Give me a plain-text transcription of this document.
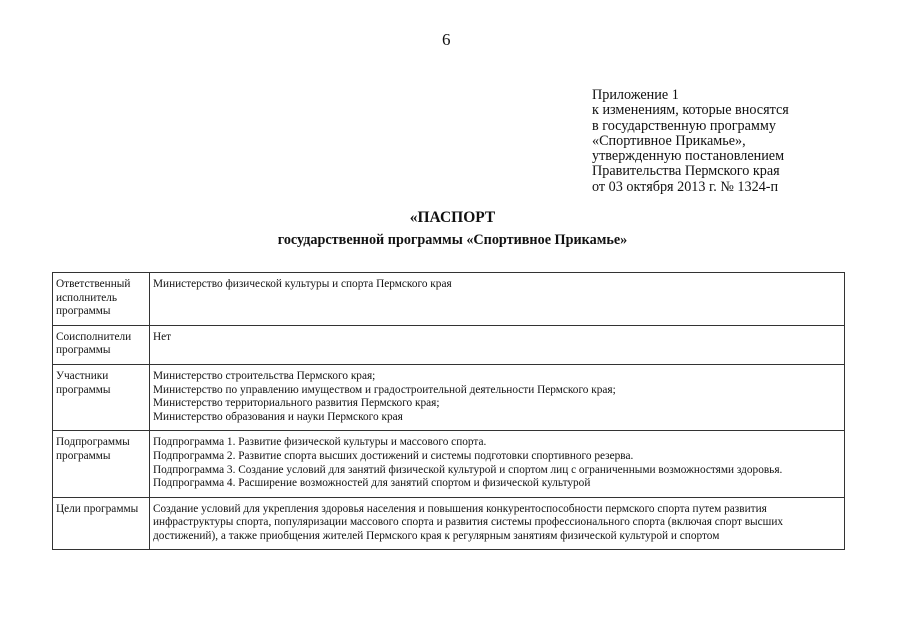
6
Приложение 1
к изменениям, которые вносятся
в государственную программу
«Спортивное Прикамье»,
утвержденную постановлением
Правительства Пермского края
от 03 октября 2013 г. № 1324-п
«ПАСПОРТ
государственной программы «Спортивное Прикамье»
Ответственный исполнитель программы	Министерство физической культуры и спорта Пермского края

Соисполнители программы	Нет

Участники программы	Министерство строительства Пермского края;
Министерство по управлению имуществом и градостроительной деятельности Пермского края;
Министерство территориального развития Пермского края;
Министерство образования и науки Пермского края

Подпрограммы программы	Подпрограмма 1. Развитие физической культуры и массового спорта.
Подпрограмма 2. Развитие спорта высших достижений и системы подготовки спортивного резерва.
Подпрограмма 3. Создание условий для занятий физической культурой и спортом лиц с ограниченными возможностями здоровья.
Подпрограмма 4. Расширение возможностей для занятий спортом и физической культурой

Цели программы	Создание условий для укрепления здоровья населения и повышения конкурентоспособности пермского спорта путем развития инфраструктуры спорта, популяризации массового спорта и развития системы профессионального спорта (включая спорт высших достижений), а также приобщения жителей Пермского края к регулярным занятиям физической культурой и спортом
